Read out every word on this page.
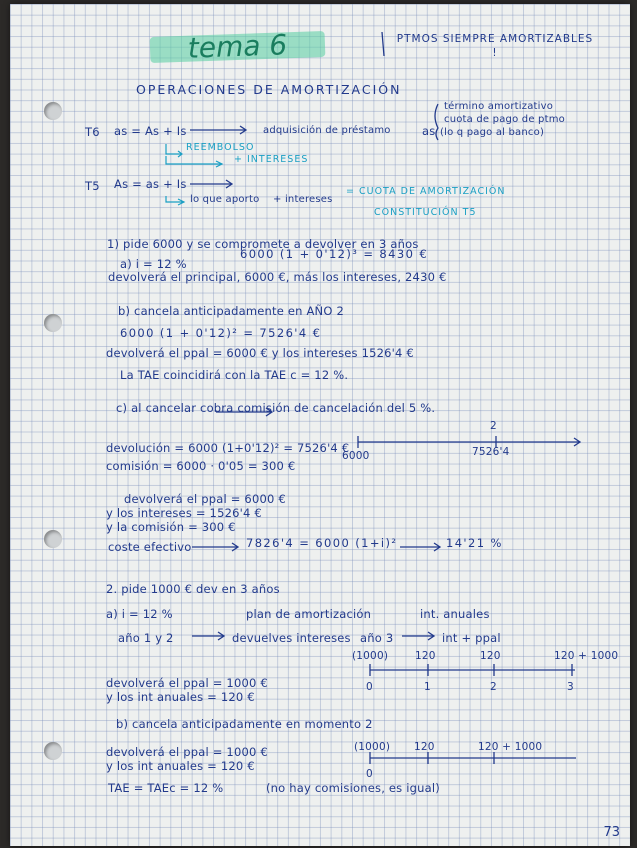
tema 6	PTMOS SIEMPRE AMORTIZABLES !
OPERACIONES DE AMORTIZACIÓN
T6 as = As + Is	adquisición de préstamo	as
término amortizativo
cuota de pago de ptmo
(lo q pago al banco)
REEMBOLSO
+ INTERESES
T5 As = as + Is
lo que aporto + intereses
= CUOTA DE AMORTIZACIÓN
CONSTITUCIÓN T5
1) pide 6000 y se compromete a devolver en 3 años
a) i = 12 %
6000 (1 + 0'12)³ = 8430 €
devolverá el principal, 6000 €, más los intereses, 2430 €
b) cancela anticipadamente en AÑO 2
6000 (1 + 0'12)² = 7526'4 €
devolverá el ppal = 6000 € y los intereses 1526'4 €
La TAE coincidirá con la TAE c = 12 %.
c) al cancelar cobra comisión de cancelación del 5 %.
devolución = 6000 (1+0'12)² = 7526'4 €
comisión = 6000 · 0'05 = 300 €
6000
2
7526'4
devolverá el ppal = 6000 €
y los intereses = 1526'4 €
y la comisión = 300 €
coste efectivo	7826'4 = 6000 (1+i)²	14'21 %
2. pide 1000 € dev en 3 años
a) i = 12 %	plan de amortización	int. anuales
año 1 y 2	devuelves intereses año 3	int + ppal
(1000)	120	120	120 + 1000
0	1	2	3
devolverá el ppal = 1000 €
y los int anuales = 120 €
b) cancela anticipadamente en momento 2
devolverá el ppal = 1000 €
y los int anuales = 120 €
(1000) 120	120 + 1000
0
TAE = TAEc = 12 %	(no hay comisiones, es igual)
73
